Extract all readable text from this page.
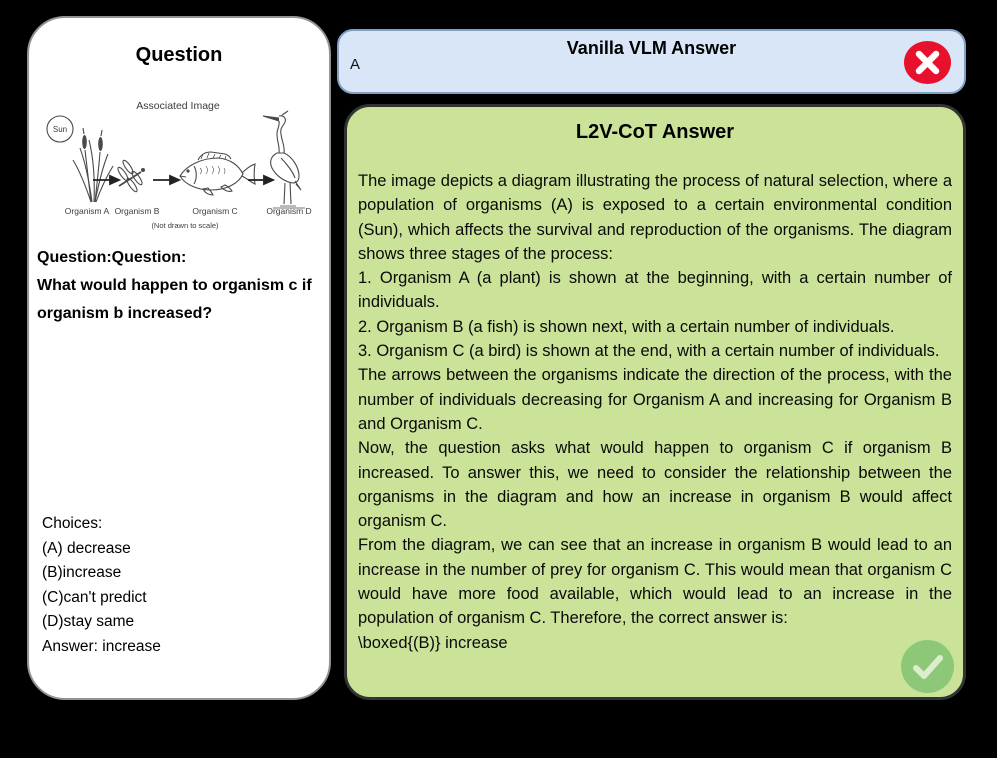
Question
Associated Image
Sun
Organism A Organism B	Organism C	Organism D
(Not drawn to scale)
Question:Question:
What would happen to organism c if organism b increased?
Choices:
(A) decrease
(B)increase
(C)can't predict
(D)stay same
Answer: increase
Vanilla VLM Answer
A
L2V-CoT Answer

The image depicts a diagram illustrating the process of natural selection, where a population of organisms (A) is exposed to a certain environmental condition (Sun), which affects the survival and reproduction of the organisms. The diagram shows three stages of the process:

1. Organism A (a plant) is shown at the beginning, with a certain number of individuals.

2. Organism B (a fish) is shown next, with a certain number of individuals.

3. Organism C (a bird) is shown at the end, with a certain number of individuals.

The arrows between the organisms indicate the direction of the process, with the number of individuals decreasing for Organism A and increasing for Organism B and Organism C.

Now, the question asks what would happen to organism C if organism B increased. To answer this, we need to consider the relationship between the organisms in the diagram and how an increase in organism B would affect organism C.

From the diagram, we can see that an increase in organism B would lead to an increase in the number of prey for organism C. This would mean that organism C would have more food available, which would lead to an increase in the population of organism C. Therefore, the correct answer is:

\boxed{(B)} increase
